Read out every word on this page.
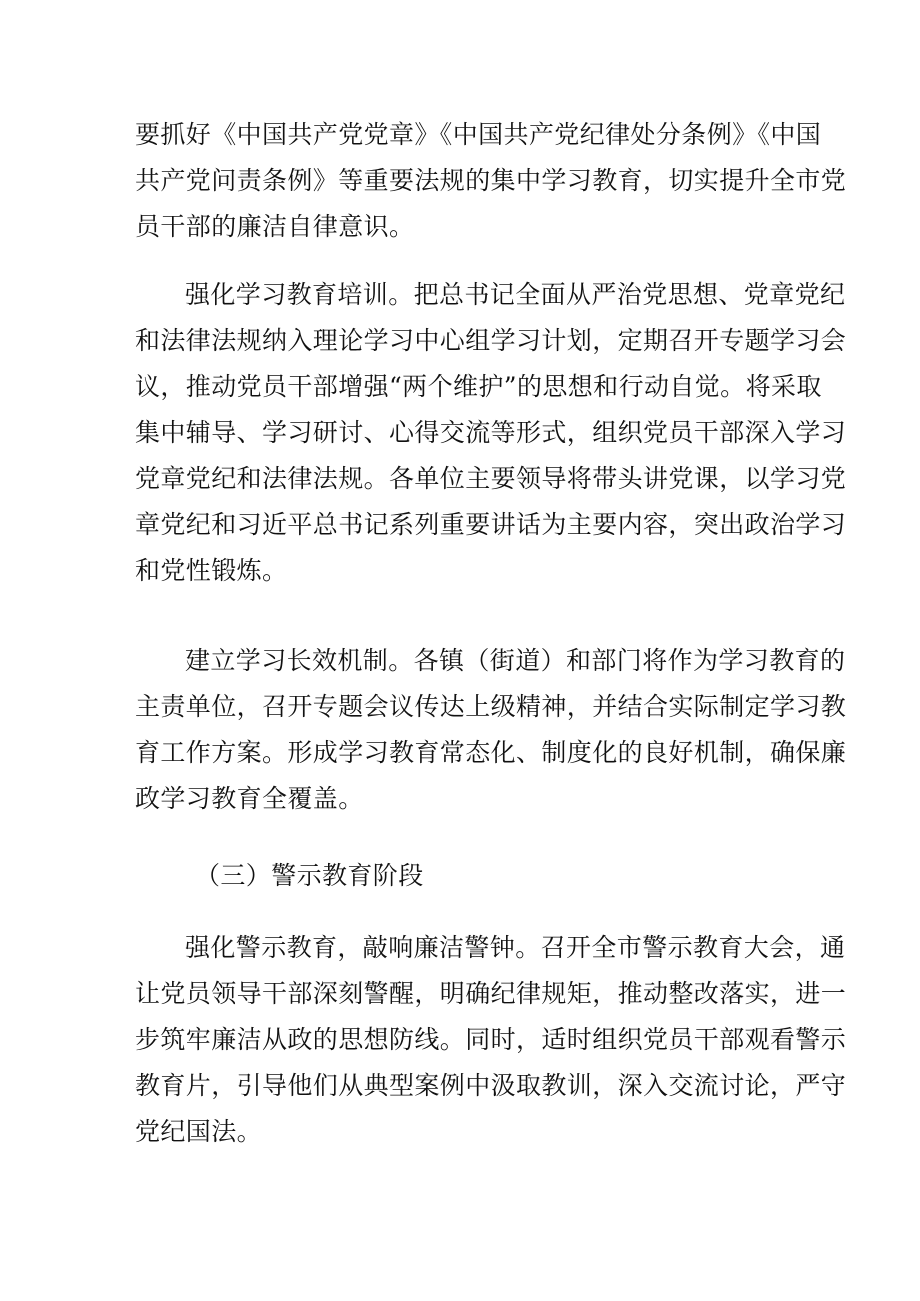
要抓好《中国共产党党章》《中国共产党纪律处分条例》《中国
共产党问责条例》等重要法规的集中学习教育，切实提升全市党
员干部的廉洁自律意识。
强化学习教育培训。把总书记全面从严治党思想、党章党纪
和法律法规纳入理论学习中心组学习计划，定期召开专题学习会
议，推动党员干部增强“两个维护”的思想和行动自觉。将采取
集中辅导、学习研讨、心得交流等形式，组织党员干部深入学习
党章党纪和法律法规。各单位主要领导将带头讲党课，以学习党
章党纪和习近平总书记系列重要讲话为主要内容，突出政治学习
和党性锻炼。
建立学习长效机制。各镇（街道）和部门将作为学习教育的
主责单位，召开专题会议传达上级精神，并结合实际制定学习教
育工作方案。形成学习教育常态化、制度化的良好机制，确保廉
政学习教育全覆盖。
（三）警示教育阶段
强化警示教育，敲响廉洁警钟。召开全市警示教育大会，通
让党员领导干部深刻警醒，明确纪律规矩，推动整改落实，进一
步筑牢廉洁从政的思想防线。同时，适时组织党员干部观看警示
教育片，引导他们从典型案例中汲取教训，深入交流讨论，严守
党纪国法。
